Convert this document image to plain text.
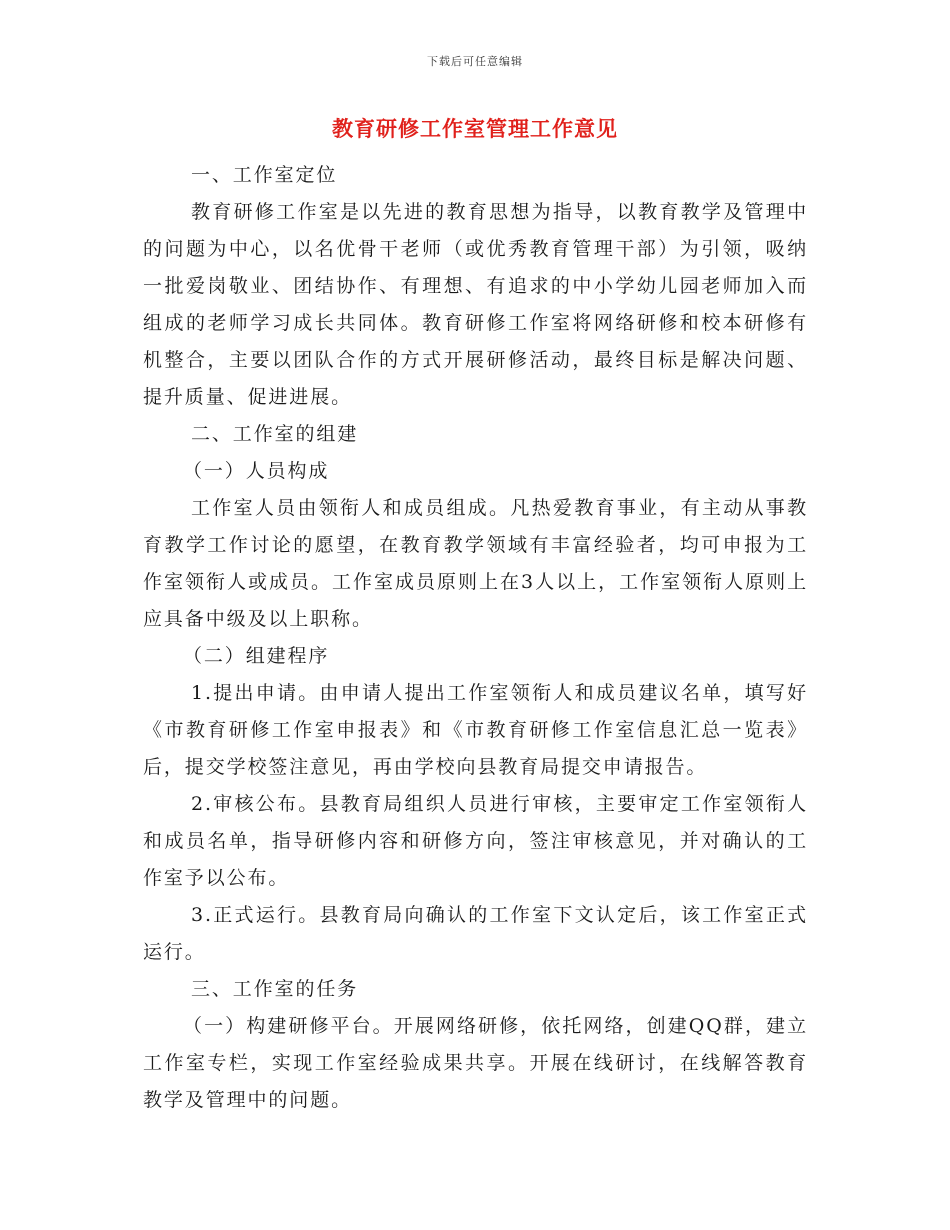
下载后可任意编辑
教育研修工作室管理工作意见

一、工作室定位

教育研修工作室是以先进的教育思想为指导，以教育教学及管理中的问题为中心，以名优骨干老师（或优秀教育管理干部）为引领，吸纳一批爱岗敬业、团结协作、有理想、有追求的中小学幼儿园老师加入而组成的老师学习成长共同体。教育研修工作室将网络研修和校本研修有机整合，主要以团队合作的方式开展研修活动，最终目标是解决问题、提升质量、促进进展。

二、工作室的组建

（一）人员构成

工作室人员由领衔人和成员组成。凡热爱教育事业，有主动从事教育教学工作讨论的愿望，在教育教学领域有丰富经验者，均可申报为工作室领衔人或成员。工作室成员原则上在3人以上，工作室领衔人原则上应具备中级及以上职称。

（二）组建程序

1.提出申请。由申请人提出工作室领衔人和成员建议名单，填写好《市教育研修工作室申报表》和《市教育研修工作室信息汇总一览表》后，提交学校签注意见，再由学校向县教育局提交申请报告。

2.审核公布。县教育局组织人员进行审核，主要审定工作室领衔人和成员名单，指导研修内容和研修方向，签注审核意见，并对确认的工作室予以公布。

3.正式运行。县教育局向确认的工作室下文认定后，该工作室正式运行。

三、工作室的任务

（一）构建研修平台。开展网络研修，依托网络，创建QQ群，建立工作室专栏，实现工作室经验成果共享。开展在线研讨，在线解答教育教学及管理中的问题。
